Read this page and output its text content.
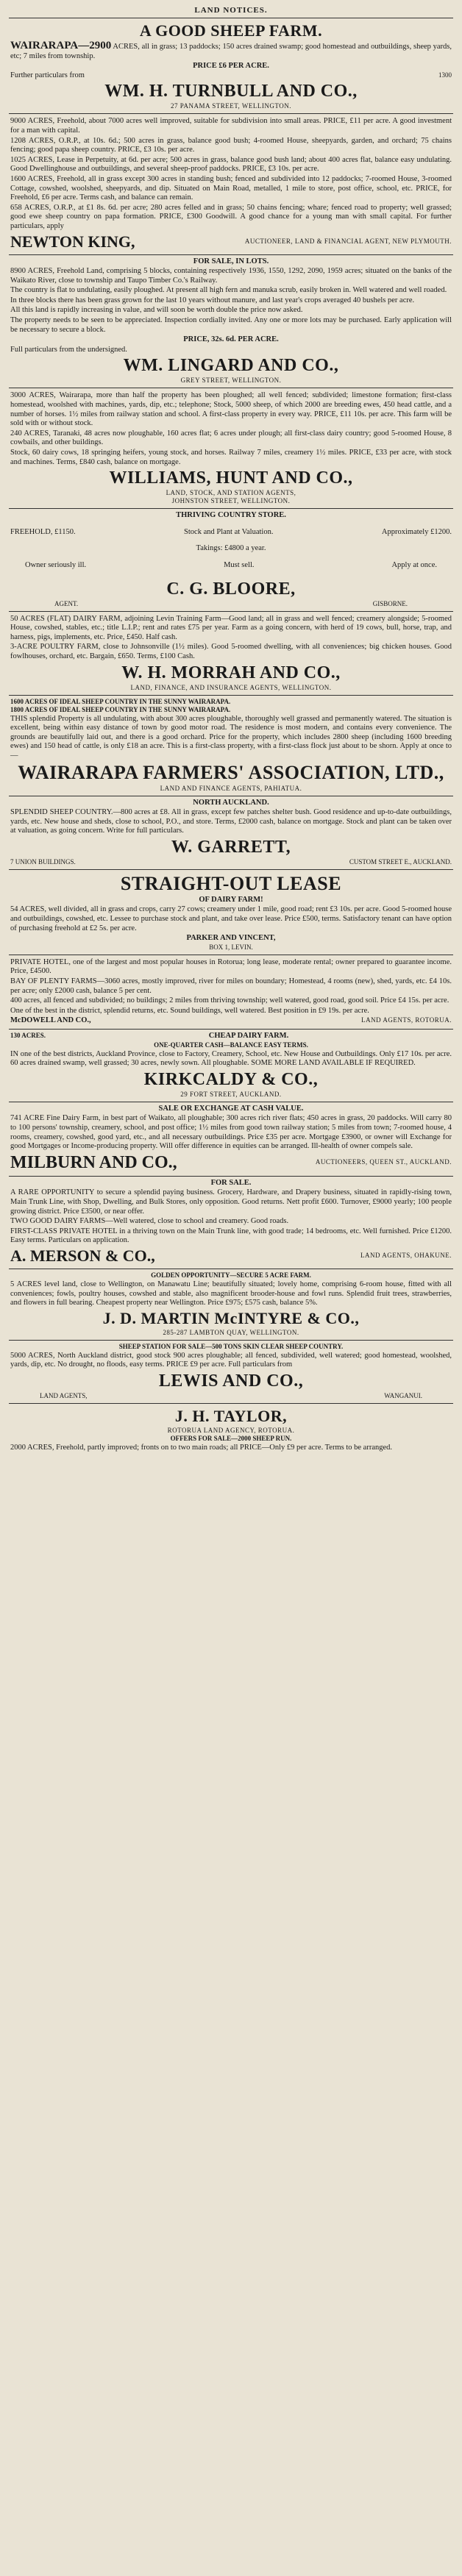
LAND NOTICES.
A GOOD SHEEP FARM.

WAIRARAPA—2900 ACRES, all in grass; 13 paddocks; 150 acres drained swamp; good homestead and outbuildings, sheep yards, etc; 7 miles from township.

PRICE £6 PER ACRE.
Further particulars from	1300
WM. H. TURNBULL AND CO.,
27 PANAMA STREET, WELLINGTON.

9000 ACRES, Freehold, about 7000 acres well improved, suitable for subdivision into small areas. PRICE, £11 per acre. A good investment for a man with capital.

1208 ACRES, O.R.P., at 10s. 6d.; 500 acres in grass, balance good bush; 4-roomed House, sheepyards, garden, and orchard; 75 chains fencing; good papa sheep country. PRICE, £3 10s. per acre.

1025 ACRES, Lease in Perpetuity, at 6d. per acre; 500 acres in grass, balance good bush land; about 400 acres flat, balance easy undulating. Good Dwellinghouse and outbuildings, and several sheep-proof paddocks. PRICE, £3 10s. per acre.

1600 ACRES, Freehold, all in grass except 300 acres in standing bush; fenced and subdivided into 12 paddocks; 7-roomed House, 3-roomed Cottage, cowshed, woolshed, sheepyards, and dip. Situated on Main Road, metalled, 1 mile to store, post office, school, etc. PRICE, for Freehold, £6 per acre. Terms cash, and balance can remain.

658 ACRES, O.R.P., at £1 8s. 6d. per acre; 280 acres felled and in grass; 50 chains fencing; whare; fenced road to property; well grassed; good ewe sheep country on papa formation. PRICE, £300 Goodwill. A good chance for a young man with small capital. For further particulars, apply

NEWTON KING,	AUCTIONEER, LAND & FINANCIAL AGENT, NEW PLYMOUTH.
FOR SALE, IN LOTS.

8900 ACRES, Freehold Land, comprising 5 blocks, containing respectively 1936, 1550, 1292, 2090, 1959 acres; situated on the banks of the Waikato River, close to township and Taupo Timber Co.'s Railway.

The country is flat to undulating, easily ploughed. At present all high fern and manuka scrub, easily broken in. Well watered and well roaded.

In three blocks there has been grass grown for the last 10 years without manure, and last year's crops averaged 40 bushels per acre.

All this land is rapidly increasing in value, and will soon be worth double the price now asked.

The property needs to be seen to be appreciated. Inspection cordially invited. Any one or more lots may be purchased. Early application will be necessary to secure a block.

PRICE, 32s. 6d. PER ACRE.

Full particulars from the undersigned.

WM. LINGARD AND CO.,
GREY STREET, WELLINGTON.

3000 ACRES, Wairarapa, more than half the property has been ploughed; all well fenced; subdivided; limestone formation; first-class homestead, woolshed with machines, yards, dip, etc.; telephone; Stock, 5000 sheep, of which 2000 are breeding ewes, 450 head cattle, and a number of horses. 1½ miles from railway station and school. A first-class property in every way. PRICE, £11 10s. per acre. This farm will be sold with or without stock.

240 ACRES, Taranaki, 48 acres now ploughable, 160 acres flat; 6 acres under plough; all first-class dairy country; good 5-roomed House, 8 cowbails, and other buildings.

Stock, 60 dairy cows, 18 springing heifers, young stock, and horses. Railway 7 miles, creamery 1½ miles. PRICE, £33 per acre, with stock and machines. Terms, £840 cash, balance on mortgage.

WILLIAMS, HUNT AND CO.,
LAND, STOCK, AND STATION AGENTS,
JOHNSTON STREET, WELLINGTON.
THRIVING COUNTRY STORE.
FREEHOLD, £1150.	Stock and Plant at Valuation.	Approximately £1200.
Takings: £4800 a year.
Owner seriously ill.	Must sell.	Apply at once.
C. G. BLOORE,
AGENT.	GISBORNE.

50 ACRES (FLAT) DAIRY FARM, adjoining Levin Training Farm—Good land; all in grass and well fenced; creamery alongside; 5-roomed House, cowshed, stables, etc.; title L.I.P.; rent and rates £75 per year. Farm as a going concern, with herd of 19 cows, bull, horse, trap, and harness, pigs, implements, etc. Price, £450. Half cash.

3-ACRE POULTRY FARM, close to Johnsonville (1½ miles). Good 5-roomed dwelling, with all conveniences; big chicken houses. Good fowlhouses, orchard, etc. Bargain, £650. Terms, £100 Cash.

W. H. MORRAH AND CO.,
LAND, FINANCE, AND INSURANCE AGENTS, WELLINGTON.
1600 ACRES OF IDEAL SHEEP COUNTRY IN THE SUNNY WAIRARAPA.
1800 ACRES OF IDEAL SHEEP COUNTRY IN THE SUNNY WAIRARAPA.

THIS splendid Property is all undulating, with about 300 acres ploughable, thoroughly well grassed and permanently watered. The situation is excellent, being within easy distance of town by good motor road. The residence is most modern, and contains every convenience. The grounds are beautifully laid out, and there is a good orchard. Price for the property, which includes 2800 sheep (including 1600 breeding ewes) and 150 head of cattle, is only £18 an acre. This is a first-class property, with a first-class flock just about to be shorn. Apply at once to—

WAIRARAPA FARMERS' ASSOCIATION, LTD.,
LAND AND FINANCE AGENTS, PAHIATUA.
NORTH AUCKLAND.

SPLENDID SHEEP COUNTRY.—800 acres at £8. All in grass, except few patches shelter bush. Good residence and up-to-date outbuildings, yards, etc. New house and sheds, close to school, P.O., and store. Terms, £2000 cash, balance on mortgage. Stock and plant can be taken over at valuation, as going concern. Write for full particulars.

W. GARRETT,
7 UNION BUILDINGS.	CUSTOM STREET E., AUCKLAND.
STRAIGHT-OUT LEASE
OF DAIRY FARM!

54 ACRES, well divided, all in grass and crops, carry 27 cows; creamery under 1 mile, good road; rent £3 10s. per acre. Good 5-roomed house and outbuildings, cowshed, etc. Lessee to purchase stock and plant, and take over lease. Price £500, terms. Satisfactory tenant can have option of purchasing freehold at £2 5s. per acre.

PARKER AND VINCENT,
BOX 1, LEVIN.

PRIVATE HOTEL, one of the largest and most popular houses in Rotorua; long lease, moderate rental; owner prepared to guarantee income. Price, £4500.

BAY OF PLENTY FARMS—3060 acres, mostly improved, river for miles on boundary; Homestead, 4 rooms (new), shed, yards, etc. £4 10s. per acre; only £2000 cash, balance 5 per cent.

400 acres, all fenced and subdivided; no buildings; 2 miles from thriving township; well watered, good road, good soil. Price £4 15s. per acre.

One of the best in the district, splendid returns, etc. Sound buildings, well watered. Best position in £9 19s. per acre.

McDOWELL AND CO.,	LAND AGENTS, ROTORUA.
130 ACRES.	CHEAP DAIRY FARM.
ONE-QUARTER CASH—BALANCE EASY TERMS.

IN one of the best districts, Auckland Province, close to Factory, Creamery, School, etc. New House and Outbuildings. Only £17 10s. per acre. 60 acres drained swamp, well grassed; 30 acres, newly sown. All ploughable. SOME MORE LAND AVAILABLE IF REQUIRED.

KIRKCALDY & CO.,
29 FORT STREET, AUCKLAND.
SALE OR EXCHANGE AT CASH VALUE.

741 ACRE Fine Dairy Farm, in best part of Waikato, all ploughable; 300 acres rich river flats; 450 acres in grass, 20 paddocks. Will carry 80 to 100 persons' township, creamery, school, and post office; 1½ miles from good town railway station; 5 miles from town; 7-roomed house, 4 rooms, creamery, cowshed, good yard, etc., and all necessary outbuildings. Price £35 per acre. Mortgage £3900, or owner will Exchange for good Mortgages or Income-producing property. Will offer difference in equities can be arranged. Ill-health of owner compels sale.

MILBURN AND CO.,	AUCTIONEERS, QUEEN ST., AUCKLAND.
FOR SALE.

A RARE OPPORTUNITY to secure a splendid paying business. Grocery, Hardware, and Drapery business, situated in rapidly-rising town, Main Trunk Line, with Shop, Dwelling, and Bulk Stores, only opposition. Good returns. Nett profit £600. Turnover, £9000 yearly; 100 people growing district. Price £3500, or near offer.

TWO GOOD DAIRY FARMS—Well watered, close to school and creamery. Good roads.

FIRST-CLASS PRIVATE HOTEL in a thriving town on the Main Trunk line, with good trade; 14 bedrooms, etc. Well furnished. Price £1200. Easy terms. Particulars on application.

A. MERSON & CO.,	LAND AGENTS, OHAKUNE.
GOLDEN OPPORTUNITY—SECURE 5 ACRE FARM.

5 ACRES level land, close to Wellington, on Manawatu Line; beautifully situated; lovely home, comprising 6-room house, fitted with all conveniences; fowls, poultry houses, cowshed and stable, also magnificent brooder-house and fowl runs. Splendid fruit trees, strawberries, and flowers in full bearing. Cheapest property near Wellington. Price £975; £575 cash, balance 5%.

J. D. MARTIN McINTYRE & CO.,
285-287 LAMBTON QUAY, WELLINGTON.
SHEEP STATION FOR SALE—500 TONS SKIN CLEAR SHEEP COUNTRY.

5000 ACRES, North Auckland district, good stock 900 acres ploughable; all fenced, subdivided, well watered; good homestead, woolshed, yards, dip, etc. No drought, no floods, easy terms. PRICE £9 per acre. Full particulars from

LEWIS AND CO.,
LAND AGENTS,	WANGANUI.
J. H. TAYLOR,
ROTORUA LAND AGENCY, ROTORUA.
OFFERS FOR SALE—2000 SHEEP RUN.

2000 ACRES, Freehold, partly improved; fronts on to two main roads; all PRICE—Only £9 per acre. Terms to be arranged.
